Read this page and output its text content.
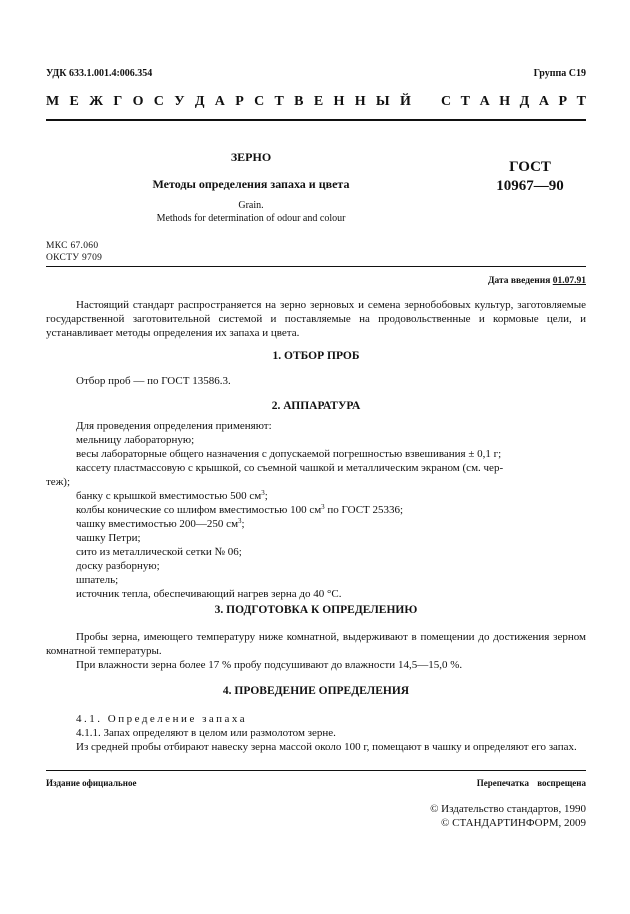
УДК 633.1.001.4:006.354	Группа С19
М Е Ж Г О С У Д А Р С Т В Е Н Н Ы Й С Т А Н Д А Р Т
ЗЕРНО
Методы определения запаха и цвета
Grain.
Methods for determination of odour and colour
ГОСТ
10967—90
МКС 67.060
ОКСТУ 9709
Дата введения 01.07.91

Настоящий стандарт распространяется на зерно зерновых и семена зернобобовых культур, заготовляемые государственной заготовительной системой и поставляемые на продовольственные и кормовые цели, и устанавливает методы определения их запаха и цвета.

1. ОТБОР ПРОБ

Отбор проб — по ГОСТ 13586.3.

2. АППАРАТУРА

Для проведения определения применяют:

мельницу лабораторную;

весы лабораторные общего назначения с допускаемой погрешностью взвешивания ± 0,1 г;

кассету пластмассовую с крышкой, со съемной чашкой и металлическим экраном (см. чер-

теж);

банку с крышкой вместимостью 500 $см^3$;

колбы конические со шлифом вместимостью 100 $см^3$ по ГОСТ 25336;

чашку вместимостью 200—250 $см^3$;

чашку Петри;

сито из металлической сетки № 06;

доску разборную;

шпатель;

источник тепла, обеспечивающий нагрев зерна до 40 °С.

3. ПОДГОТОВКА К ОПРЕДЕЛЕНИЮ

Пробы зерна, имеющего температуру ниже комнатной, выдерживают в помещении до достижения зерном комнатной температуры.

При влажности зерна более 17 % пробу подсушивают до влажности 14,5—15,0 %.

4. ПРОВЕДЕНИЕ ОПРЕДЕЛЕНИЯ

4.1. Определение запаха

4.1.1. Запах определяют в целом или размолотом зерне.

Из средней пробы отбирают навеску зерна массой около 100 г, помещают в чашку и определяют его запах.

Издание официальное	Перепечатка воспрещена
© Издательство стандартов, 1990
© СТАНДАРТИНФОРМ, 2009
